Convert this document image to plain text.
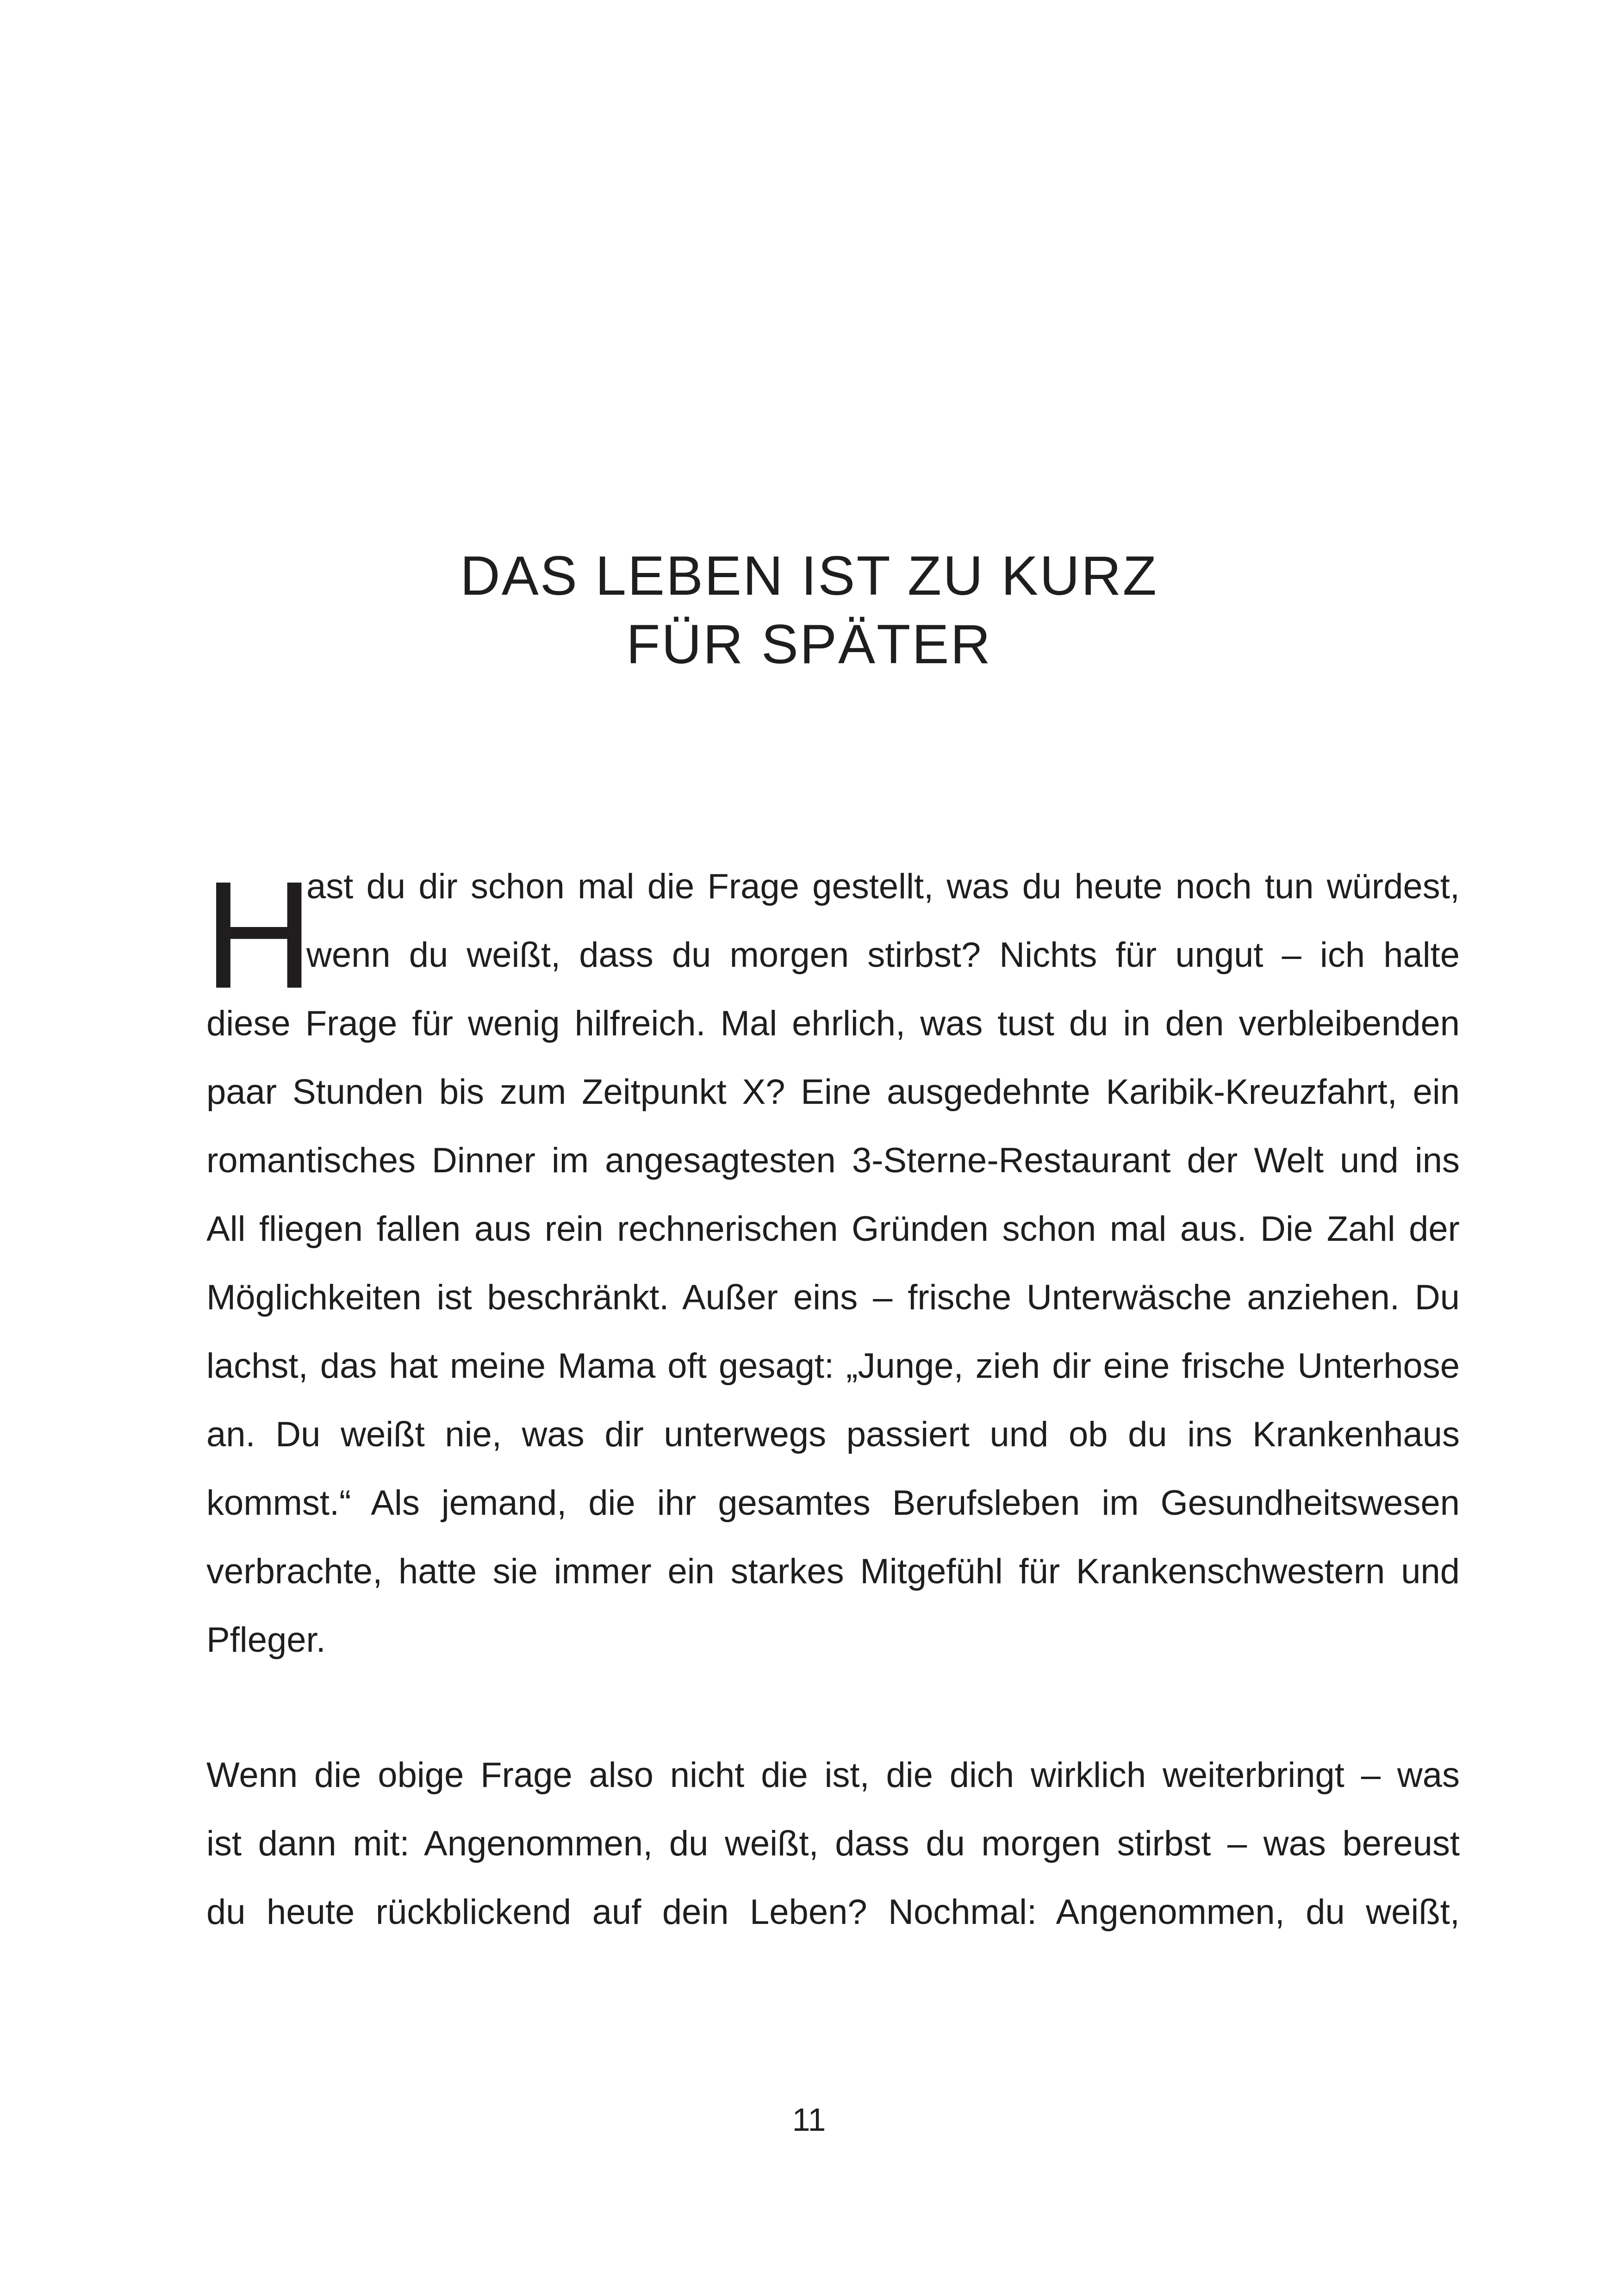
DAS LEBEN IST ZU KURZ
FÜR SPÄTER
H
ast du dir schon mal die Frage gestellt, was du heute noch tun würdest,
wenn du weißt, dass du morgen stirbst? Nichts für ungut – ich halte
diese Frage für wenig hilfreich. Mal ehrlich, was tust du in den verbleibenden
paar Stunden bis zum Zeitpunkt X? Eine ausgedehnte Karibik-Kreuzfahrt, ein
romantisches Dinner im angesagtesten 3-Sterne-Restaurant der Welt und ins
All fliegen fallen aus rein rechnerischen Gründen schon mal aus. Die Zahl der
Möglichkeiten ist beschränkt. Außer eins – frische Unterwäsche anziehen. Du
lachst, das hat meine Mama oft gesagt: „Junge, zieh dir eine frische Unterhose
an. Du weißt nie, was dir unterwegs passiert und ob du ins Krankenhaus
kommst.“ Als jemand, die ihr gesamtes Berufsleben im Gesundheitswesen
verbrachte, hatte sie immer ein starkes Mitgefühl für Krankenschwestern und
Pfleger.
Wenn die obige Frage also nicht die ist, die dich wirklich weiterbringt – was
ist dann mit: Angenommen, du weißt, dass du morgen stirbst – was bereust
du heute rückblickend auf dein Leben? Nochmal: Angenommen, du weißt,
11
